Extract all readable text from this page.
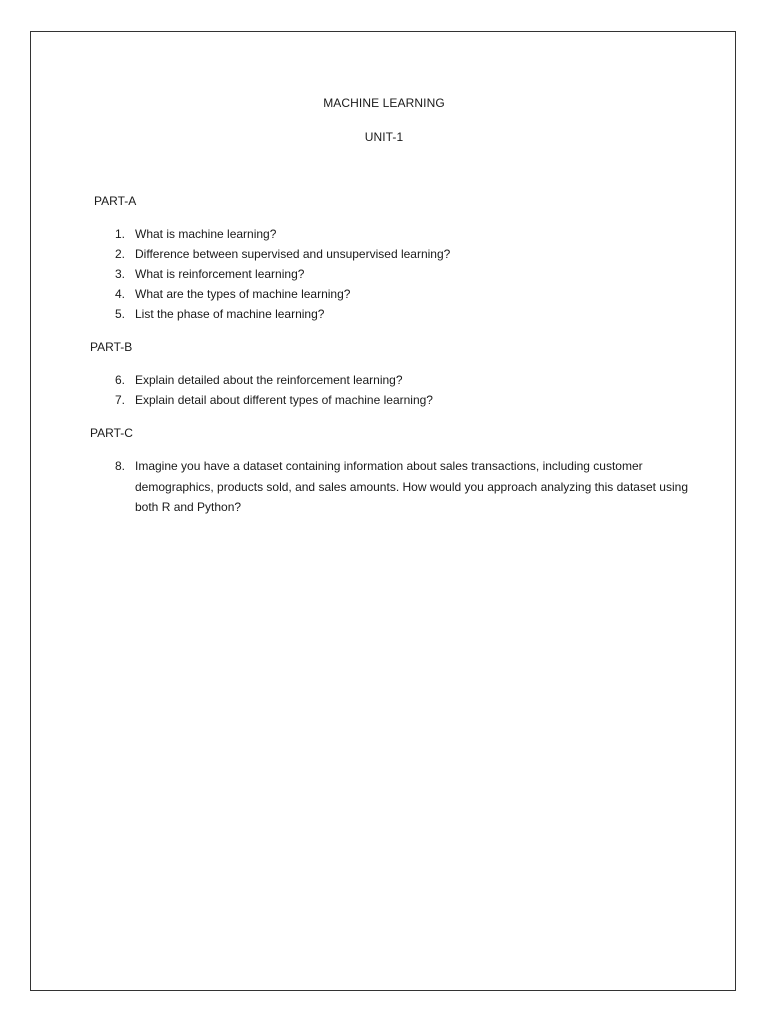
MACHINE LEARNING
UNIT-1
PART-A
1. What is machine learning?
2. Difference between supervised and unsupervised learning?
3. What is reinforcement learning?
4. What are the types of machine learning?
5. List the phase of machine learning?
PART-B
6. Explain detailed about the reinforcement learning?
7. Explain detail about different types of machine learning?
PART-C
8. Imagine you have a dataset containing information about sales transactions, including customer demographics, products sold, and sales amounts. How would you approach analyzing this dataset using both R and Python?
